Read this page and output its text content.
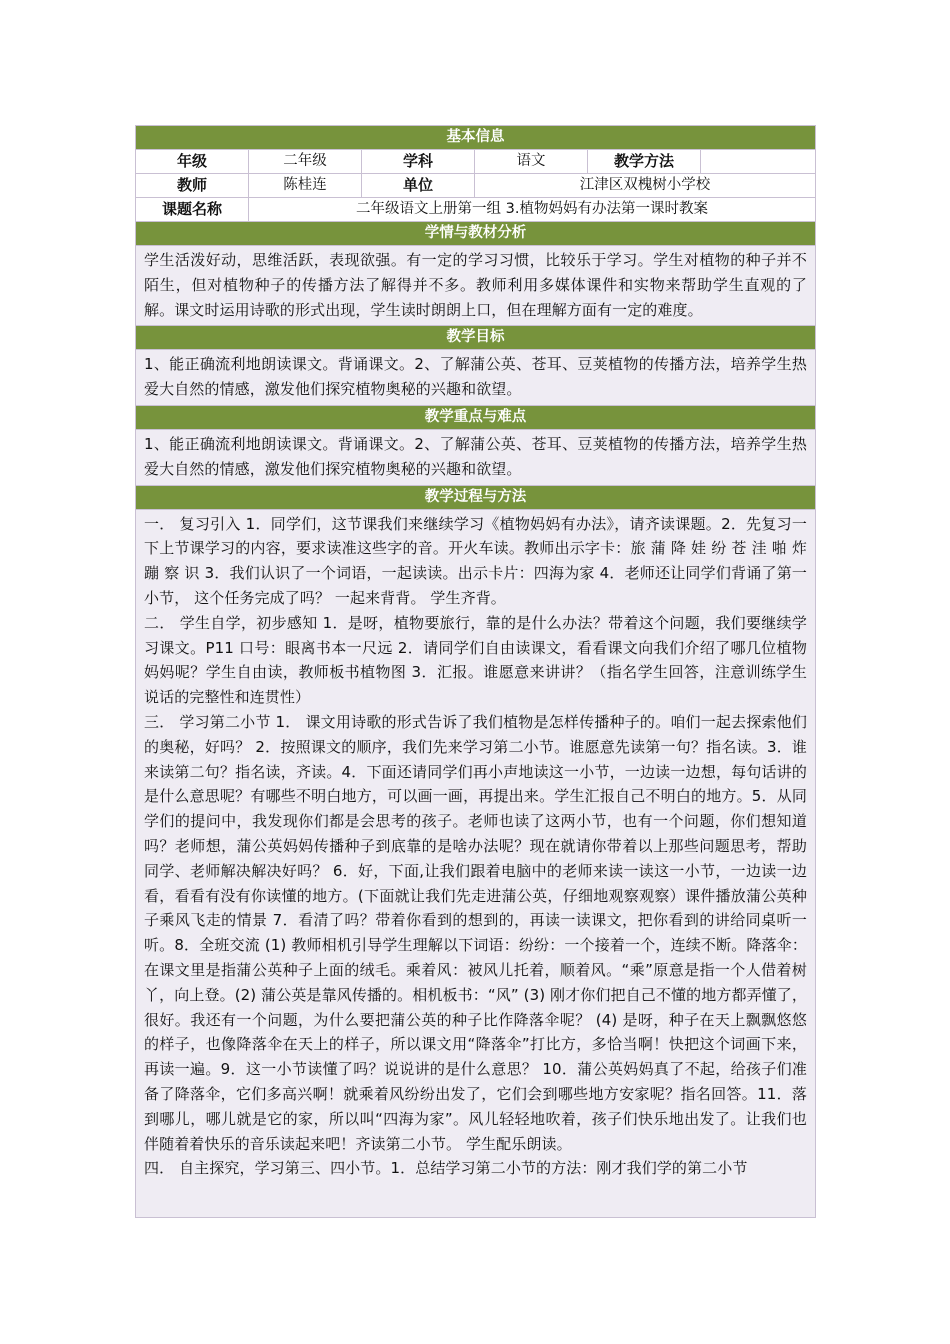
基本信息					
年级	二年级	学科	语文	教学方法	
教师	陈桂连	单位	江津区双槐树小学校		
课题名称	二年级语文上册第一组 3.植物妈妈有办法第一课时教案				
学情与教材分析					
学生活泼好动，思维活跃，表现欲强。有一定的学习习惯，比较乐于学习。学生对植物的种子并不陌生，但对植物种子的传播方法了解得并不多。教师利用多媒体课件和实物来帮助学生直观的了解。课文时运用诗歌的形式出现，学生读时朗朗上口，但在理解方面有一定的难度。					
教学目标					
1、能正确流利地朗读课文。背诵课文。2、了解蒲公英、苍耳、豆荚植物的传播方法，培养学生热爱大自然的情感，激发他们探究植物奥秘的兴趣和欲望。					
教学重点与难点					
1、能正确流利地朗读课文。背诵课文。2、了解蒲公英、苍耳、豆荚植物的传播方法，培养学生热爱大自然的情感，激发他们探究植物奥秘的兴趣和欲望。					
教学过程与方法					

一． 复习引入 1．同学们，这节课我们来继续学习《植物妈妈有办法》，请齐读课题。2．先复习一下上节课学习的内容，要求读准这些字的音。开火车读。教师出示字卡：旅 蒲 降 娃 纷 苍 洼 啪 炸 蹦 察 识 3．我们认识了一个词语，一起读读。出示卡片：四海为家 4．老师还让同学们背诵了第一小节， 这个任务完成了吗？ 一起来背背。 学生齐背。

二． 学生自学，初步感知 1．是呀，植物要旅行，靠的是什么办法？带着这个问题，我们要继续学习课文。P11 口号：眼离书本一尺远 2．请同学们自由读课文，看看课文向我们介绍了哪几位植物妈妈呢？学生自由读，教师板书植物图 3．汇报。谁愿意来讲讲？（指名学生回答，注意训练学生说话的完整性和连贯性）

三． 学习第二小节 1． 课文用诗歌的形式告诉了我们植物是怎样传播种子的。咱们一起去探索他们的奥秘，好吗？ 2．按照课文的顺序，我们先来学习第二小节。谁愿意先读第一句？指名读。3．谁来读第二句？指名读，齐读。4．下面还请同学们再小声地读这一小节，一边读一边想，每句话讲的是什么意思呢？有哪些不明白地方，可以画一画，再提出来。学生汇报自己不明白的地方。5．从同学们的提问中，我发现你们都是会思考的孩子。老师也读了这两小节，也有一个问题，你们想知道吗？老师想，蒲公英妈妈传播种子到底靠的是啥办法呢？现在就请你带着以上那些问题思考，帮助同学、老师解决解决好吗？ 6．好，下面,让我们跟着电脑中的老师来读一读这一小节，一边读一边看，看看有没有你读懂的地方。(下面就让我们先走进蒲公英，仔细地观察观察）课件播放蒲公英种子乘风飞走的情景 7．看清了吗？带着你看到的想到的，再读一读课文，把你看到的讲给同桌听一听。8．全班交流 (1) 教师相机引导学生理解以下词语：纷纷：一个接着一个，连续不断。降落伞：在课文里是指蒲公英种子上面的绒毛。乘着风：被风儿托着，顺着风。“乘”原意是指一个人借着树丫，向上登。(2) 蒲公英是靠风传播的。相机板书：“风” (3) 刚才你们把自己不懂的地方都弄懂了，很好。我还有一个问题，为什么要把蒲公英的种子比作降落伞呢？ (4) 是呀，种子在天上飘飘悠悠的样子，也像降落伞在天上的样子，所以课文用“降落伞”打比方，多恰当啊！快把这个词画下来，再读一遍。9．这一小节读懂了吗？说说讲的是什么意思？ 10．蒲公英妈妈真了不起，给孩子们准备了降落伞，它们多高兴啊！就乘着风纷纷出发了，它们会到哪些地方安家呢？指名回答。11．落到哪儿，哪儿就是它的家，所以叫“四海为家”。风儿轻轻地吹着，孩子们快乐地出发了。让我们也伴随着着快乐的音乐读起来吧！齐读第二小节。 学生配乐朗读。

四． 自主探究，学习第三、四小节。1．总结学习第二小节的方法：刚才我们学的第二小节					
